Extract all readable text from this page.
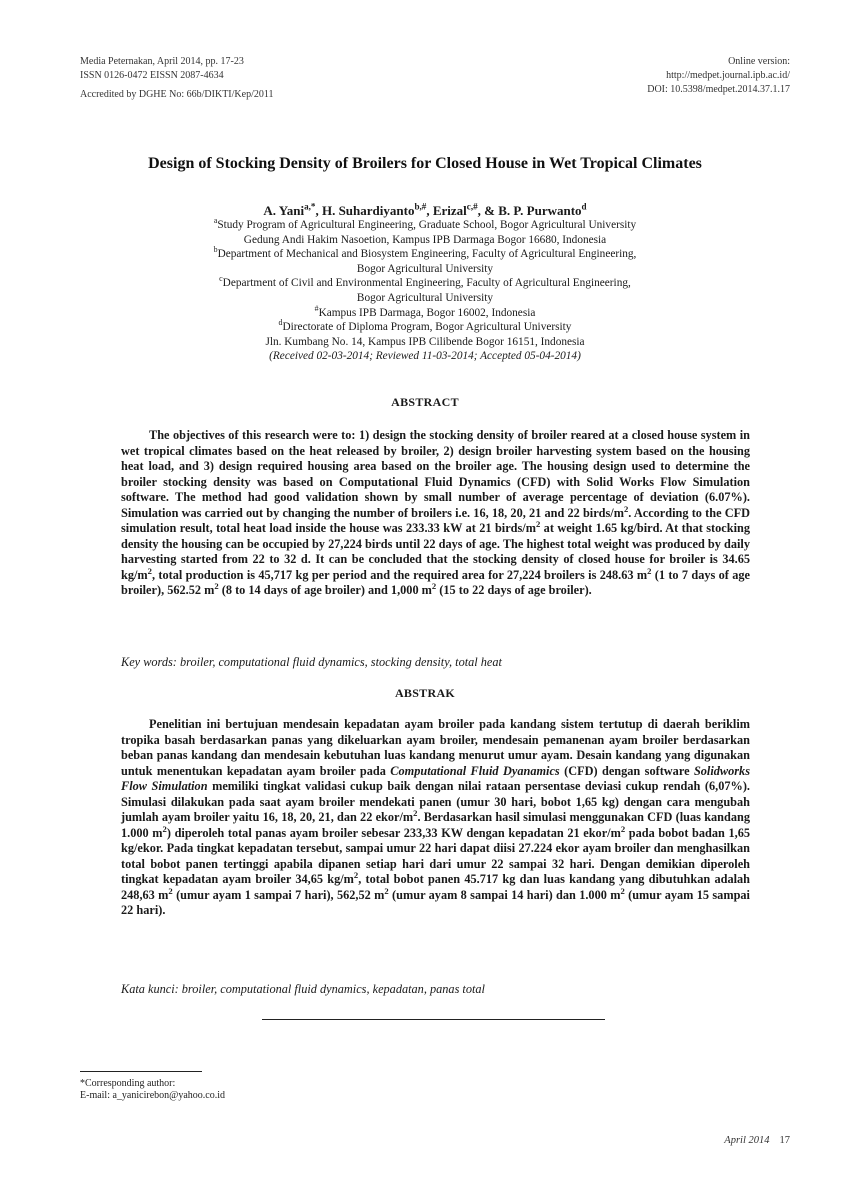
Media Peternakan, April 2014, pp. 17-23
ISSN 0126-0472 EISSN 2087-4634
Accredited by DGHE No: 66b/DIKTI/Kep/2011
Online version:
http://medpet.journal.ipb.ac.id/
DOI: 10.5398/medpet.2014.37.1.17
Design of Stocking Density of Broilers for Closed House in Wet Tropical Climates
A. Yani$^{a,*}$, H. Suhardiyanto$^{b,\#}$, Erizal$^{c,\#}$, & B. P. Purwanto$^d$
$^a$Study Program of Agricultural Engineering, Graduate School, Bogor Agricultural University
Gedung Andi Hakim Nasoetion, Kampus IPB Darmaga Bogor 16680, Indonesia
$^b$Department of Mechanical and Biosystem Engineering, Faculty of Agricultural Engineering,
Bogor Agricultural University
$^c$Department of Civil and Environmental Engineering, Faculty of Agricultural Engineering,
Bogor Agricultural University
#Kampus IPB Darmaga, Bogor 16002, Indonesia
$^d$Directorate of Diploma Program, Bogor Agricultural University
Jln. Kumbang No. 14, Kampus IPB Cilibende Bogor 16151, Indonesia
(Received 02-03-2014; Reviewed 11-03-2014; Accepted 05-04-2014)
ABSTRACT

The objectives of this research were to: 1) design the stocking density of broiler reared at a closed house system in wet tropical climates based on the heat released by broiler, 2) design broiler harvesting system based on the housing heat load, and 3) design required housing area based on the broiler age. The housing design used to determine the broiler stocking density was based on Computational Fluid Dynamics (CFD) with Solid Works Flow Simulation software. The method had good validation shown by small number of average percentage of deviation (6.07%). Simulation was carried out by changing the number of broilers i.e. 16, 18, 20, 21 and 22 birds/$m^2$. According to the CFD simulation result, total heat load inside the house was 233.33 kW at 21 birds/$m^2$ at weight 1.65 kg/bird. At that stocking density the housing can be occupied by 27,224 birds until 22 days of age. The highest total weight was produced by daily harvesting started from 22 to 32 d. It can be concluded that the stocking density of closed house for broiler is 34.65 $kg/m^2$, total production is 45,717 kg per period and the required area for 27,224 broilers is 248.63 $m^2$ (1 to 7 days of age broiler), 562.52 $m^2$ (8 to 14 days of age broiler) and 1,000 $m^2$ (15 to 22 days of age broiler).

Key words: broiler, computational fluid dynamics, stocking density, total heat

ABSTRAK

Penelitian ini bertujuan mendesain kepadatan ayam broiler pada kandang sistem tertutup di daerah beriklim tropika basah berdasarkan panas yang dikeluarkan ayam broiler, mendesain pemanenan ayam broiler berdasarkan beban panas kandang dan mendesain kebutuhan luas kandang menurut umur ayam. Desain kandang yang digunakan untuk menentukan kepadatan ayam broiler pada Computational Fluid Dyanamics (CFD) dengan software Solidworks Flow Simulation memiliki tingkat validasi cukup baik dengan nilai rataan persentase deviasi cukup rendah (6,07%). Simulasi dilakukan pada saat ayam broiler mendekati panen (umur 30 hari, bobot 1,65 kg) dengan cara mengubah jumlah ayam broiler yaitu 16, 18, 20, 21, dan 22 ekor/$m^2$. Berdasarkan hasil simulasi menggunakan CFD (luas kandang 1.000 $m^2$) diperoleh total panas ayam broiler sebesar 233,33 KW dengan kepadatan 21 ekor/$m^2$ pada bobot badan 1,65 kg/ekor. Pada tingkat kepadatan tersebut, sampai umur 22 hari dapat diisi 27.224 ekor ayam broiler dan menghasilkan total bobot panen tertinggi apabila dipanen setiap hari dari umur 22 sampai 32 hari. Dengan demikian diperoleh tingkat kepadatan ayam broiler 34,65 $kg/m^2$, total bobot panen 45.717 kg dan luas kandang yang dibutuhkan adalah 248,63 $m^2$ (umur ayam 1 sampai 7 hari), 562,52 $m^2$ (umur ayam 8 sampai 14 hari) dan 1.000 $m^2$ (umur ayam 15 sampai 22 hari).

Kata kunci: broiler, computational fluid dynamics, kepadatan, panas total

*Corresponding author:
E-mail: a_yanicirebon@yahoo.co.id
April 2014 17
